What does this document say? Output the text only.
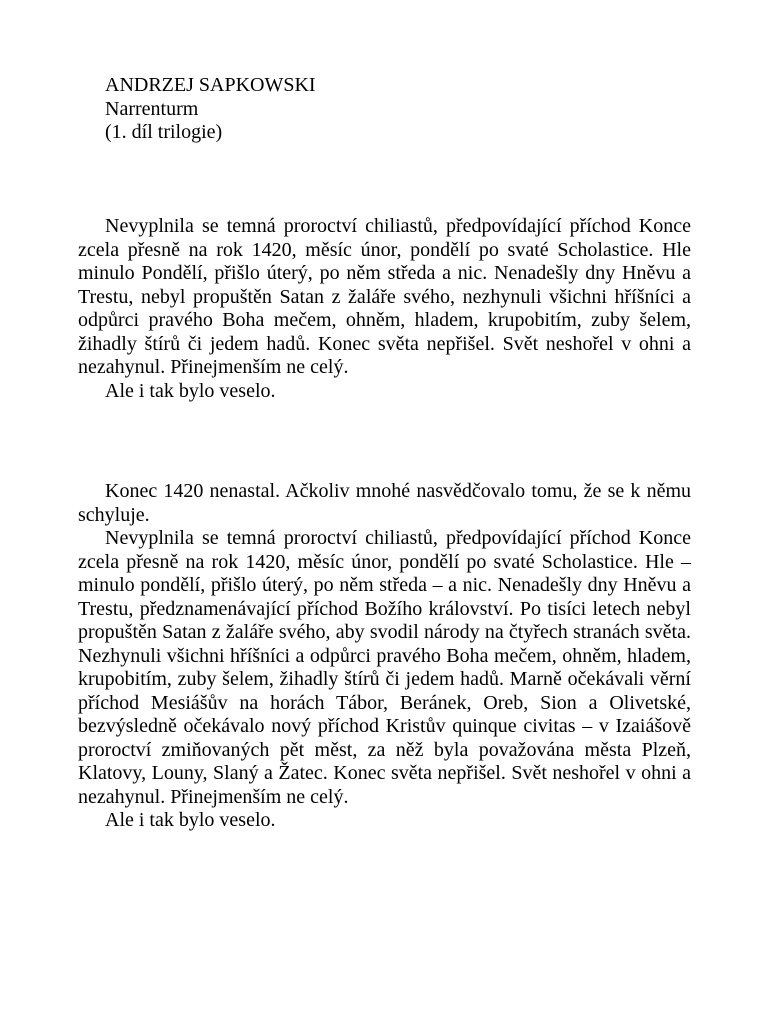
ANDRZEJ SAPKOWSKI
Narrenturm
(1. díl trilogie)

Nevyplnila se temná proroctví chiliastů, předpovídající příchod Konce zcela přesně na rok 1420, měsíc únor, pondělí po svaté Scholastice. Hle minulo Pondělí, přišlo úterý, po něm středa a nic. Nenadešly dny Hněvu a Trestu, nebyl propuštěn Satan z žaláře svého, nezhynuli všichni hříšníci a odpůrci pravého Boha mečem, ohněm, hladem, krupobitím, zuby šelem, žihadly štírů či jedem hadů. Konec světa nepřišel. Svět neshořel v ohni a nezahynul. Přinejmenším ne celý.

Ale i tak bylo veselo.

Konec 1420 nenastal. Ačkoliv mnohé nasvědčovalo tomu, že se k němu schyluje.

Nevyplnila se temná proroctví chiliastů, předpovídající příchod Konce zcela přesně na rok 1420, měsíc únor, pondělí po svaté Scholastice. Hle – minulo pondělí, přišlo úterý, po něm středa – a nic. Nenadešly dny Hněvu a Trestu, předznamenávající příchod Božího království. Po tisíci letech nebyl propuštěn Satan z žaláře svého, aby svodil národy na čtyřech stranách světa. Nezhynuli všichni hříšníci a odpůrci pravého Boha mečem, ohněm, hladem, krupobitím, zuby šelem, žihadly štírů či jedem hadů. Marně očekávali věrní příchod Mesiášův na horách Tábor, Beránek, Oreb, Sion a Olivetské, bezvýsledně očekávalo nový příchod Kristův quinque civitas – v Izaiášově proroctví zmiňovaných pět měst, za něž byla považována města Plzeň, Klatovy, Louny, Slaný a Žatec. Konec světa nepřišel. Svět neshořel v ohni a nezahynul. Přinejmenším ne celý.

Ale i tak bylo veselo.
